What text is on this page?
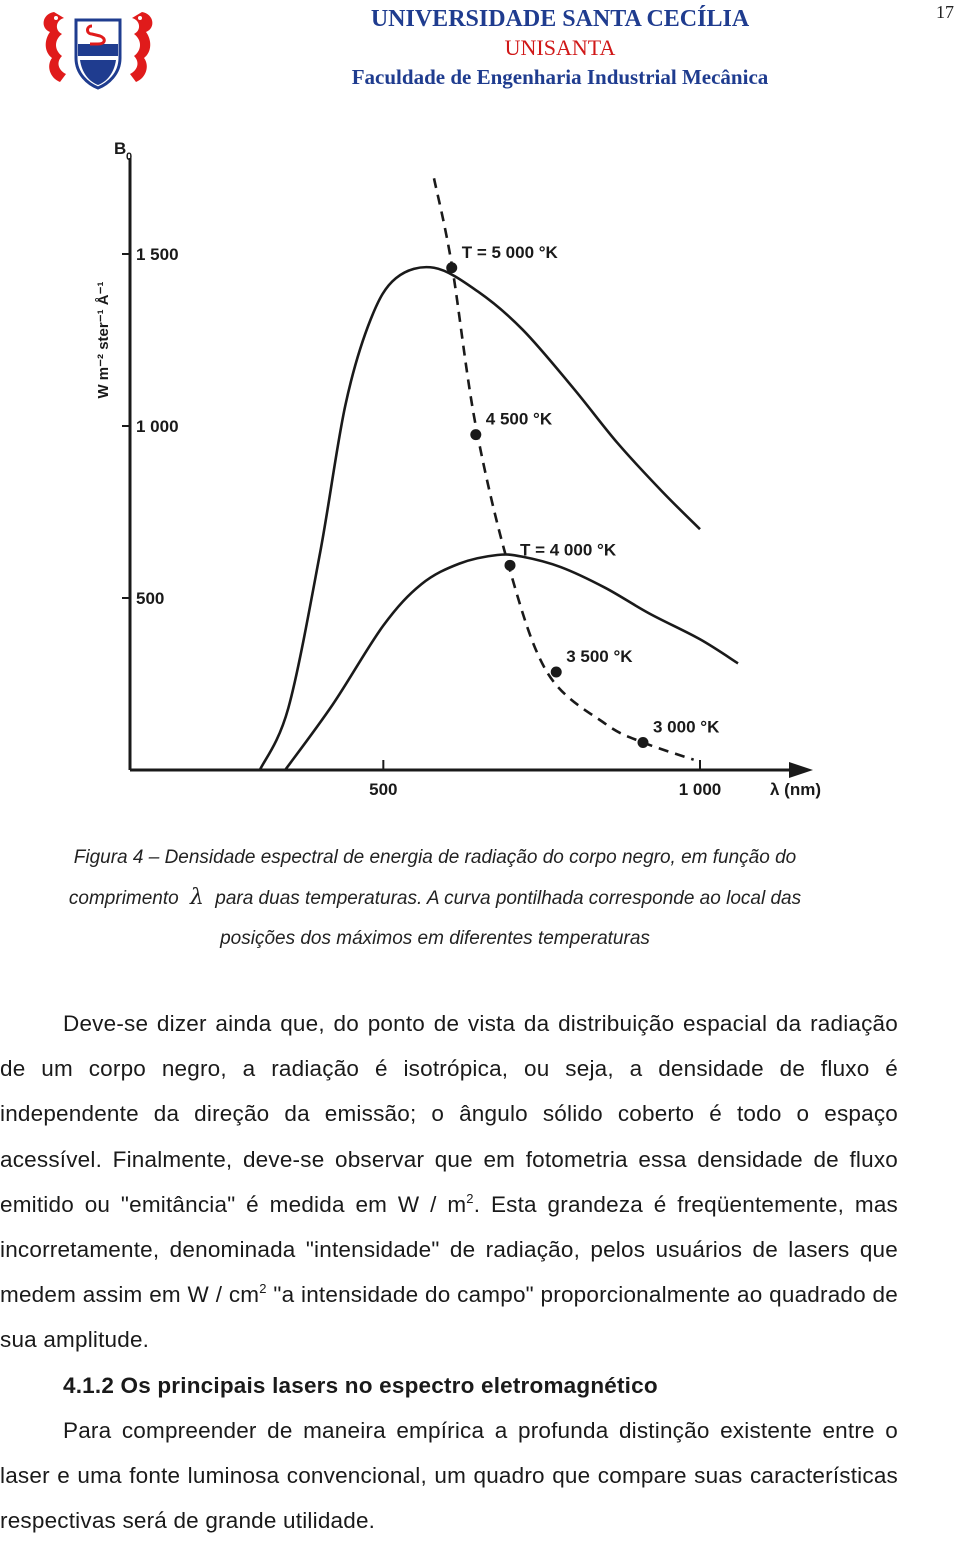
17
UNIVERSIDADE SANTA CECÍLIA
UNISANTA
Faculdade de Engenharia Industrial Mecânica
500
1 000
1 500
500	1 000
B 0
W m⁻² ster⁻¹ Å⁻¹
λ (nm)
T = 5 000 °K
4 500 °K
T = 4 000 °K
3 500 °K
3 000 °K
Figura 4 – Densidade espectral de energia de radiação do corpo negro, em função do
comprimento λ para duas temperaturas. A curva pontilhada corresponde ao local das
posições dos máximos em diferentes temperaturas

Deve-se dizer ainda que, do ponto de vista da distribuição espacial da radiação de um corpo negro, a radiação é isotrópica, ou seja, a densidade de fluxo é independente da direção da emissão; o ângulo sólido coberto é todo o espaço acessível. Finalmente, deve-se observar que em fotometria essa densidade de fluxo emitido ou "emitância" é medida em W / $m^2$. Esta grandeza é freqüentemente, mas incorretamente, denominada "intensidade" de radiação, pelos usuários de lasers que medem assim em W / $cm^2$ "a intensidade do campo" proporcionalmente ao quadrado de sua amplitude.

4.1.2 Os principais lasers no espectro eletromagnético

Para compreender de maneira empírica a profunda distinção existente entre o laser e uma fonte luminosa convencional, um quadro que compare suas características respectivas será de grande utilidade.
